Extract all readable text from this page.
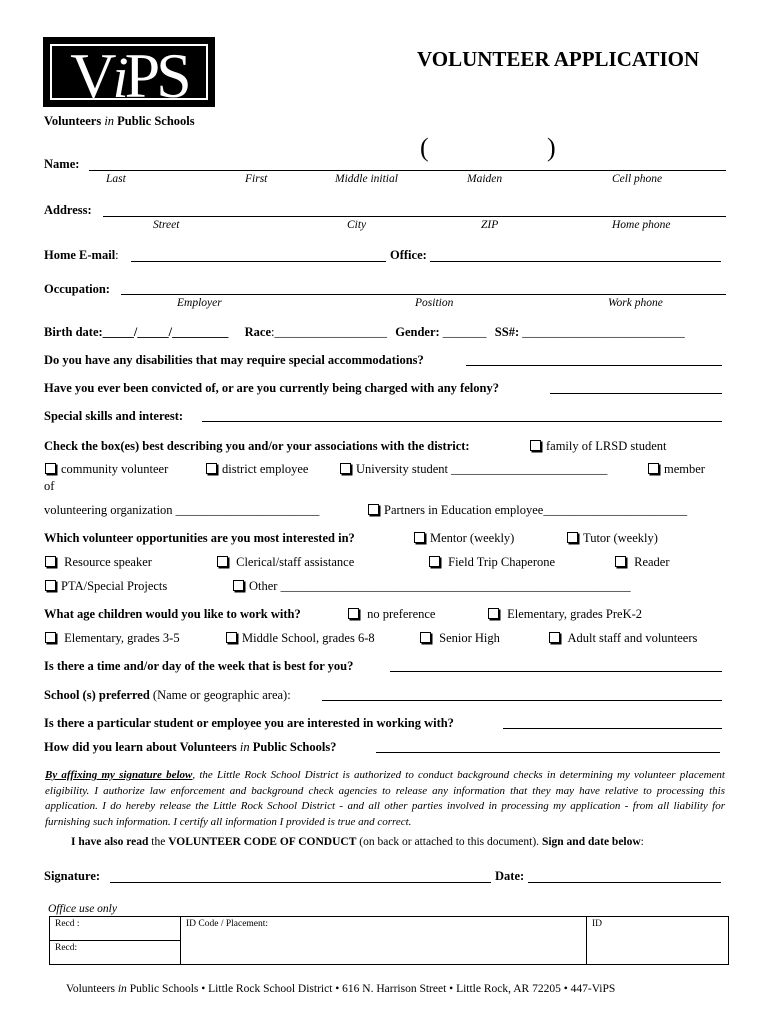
ViPS	VOLUNTEER APPLICATION
Volunteers in Public Schools
Name:
(	)
Last	First	Middle initial	Maiden	Cell phone
Address:
Street	City	ZIP	Home phone
Home E-mail:	Office:
Occupation:
Employer	Position	Work phone
Birth date:_____/_____/_________ Race:__________________ Gender: _______ SS#: __________________________
Do you have any disabilities that may require special accommodations?
Have you ever been convicted of, or are you currently being charged with any felony?
Special skills and interest:
Check the box(es) best describing you and/or your associations with the district:	family of LRSD student
community volunteer	district employee	University student _________________________	member
of
volunteering organization _______________________	Partners in Education employee_______________________
Which volunteer opportunities are you most interested in?	Mentor (weekly)	Tutor (weekly)
Resource speaker	Clerical/staff assistance	Field Trip Chaperone	Reader
PTA/Special Projects	Other ________________________________________________________
What age children would you like to work with?	no preference	Elementary, grades PreK-2
Elementary, grades 3-5	Middle School, grades 6-8	Senior High	Adult staff and volunteers
Is there a time and/or day of the week that is best for you?
School (s) preferred (Name or geographic area):
Is there a particular student or employee you are interested in working with?
How did you learn about Volunteers in Public Schools?
By affixing my signature below, the Little Rock School District is authorized to conduct background checks in determining my volunteer placement eligibility. I authorize law enforcement and background check agencies to release any information that they may have relative to processing this application. I do hereby release the Little Rock School District - and all other parties involved in processing my application - from all liability for furnishing such information. I certify all information I provided is true and correct.
I have also read the VOLUNTEER CODE OF CONDUCT (on back or attached to this document). Sign and date below:
Signature:	Date:
Office use only
Recd :	ID Code / Placement:	ID
Recd:
Volunteers in Public Schools • Little Rock School District • 616 N. Harrison Street • Little Rock, AR 72205 • 447-ViPS
